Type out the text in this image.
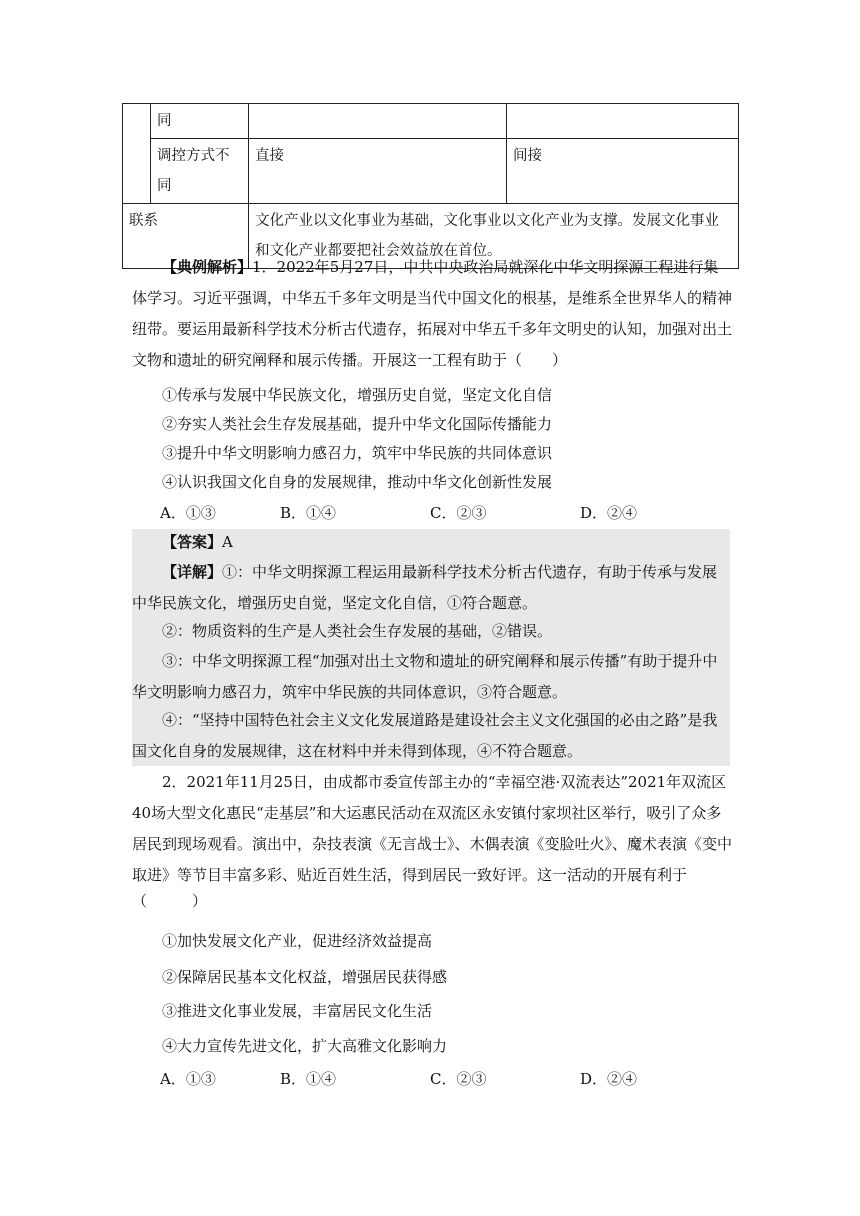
	同		
	调控方式不同	直接	间接
联系		文化产业以文化事业为基础，文化事业以文化产业为支撑。发展文化事业和文化产业都要把社会效益放在首位。	
【典例解析】1．2022年5月27日，中共中央政治局就深化中华文明探源工程进行集体学习。习近平强调，中华五千多年文明是当代中国文化的根基，是维系全世界华人的精神纽带。要运用最新科学技术分析古代遗存，拓展对中华五千多年文明史的认知，加强对出土文物和遗址的研究阐释和展示传播。开展这一工程有助于（　　）
①传承与发展中华民族文化，增强历史自觉，坚定文化自信
②夯实人类社会生存发展基础，提升中华文化国际传播能力
③提升中华文明影响力感召力，筑牢中华民族的共同体意识
④认识我国文化自身的发展规律，推动中华文化创新性发展
A．①③	B．①④	C．②③	D．②④
【答案】A
【详解】①：中华文明探源工程运用最新科学技术分析古代遗存，有助于传承与发展中华民族文化，增强历史自觉，坚定文化自信，①符合题意。
②：物质资料的生产是人类社会生存发展的基础，②错误。
③：中华文明探源工程“加强对出土文物和遗址的研究阐释和展示传播”有助于提升中华文明影响力感召力，筑牢中华民族的共同体意识，③符合题意。
④：“坚持中国特色社会主义文化发展道路是建设社会主义文化强国的必由之路”是我国文化自身的发展规律，这在材料中并未得到体现，④不符合题意。
2．2021年11月25日，由成都市委宣传部主办的“幸福空港·双流表达”2021年双流区40场大型文化惠民“走基层”和大运惠民活动在双流区永安镇付家坝社区举行，吸引了众多居民到现场观看。演出中，杂技表演《无言战士》、木偶表演《变脸吐火》、魔术表演《变中取进》等节目丰富多彩、贴近百姓生活，得到居民一致好评。这一活动的开展有利于
（　　　）
①加快发展文化产业，促进经济效益提高
②保障居民基本文化权益，增强居民获得感
③推进文化事业发展，丰富居民文化生活
④大力宣传先进文化，扩大高雅文化影响力
A．①③	B．①④	C．②③	D．②④
